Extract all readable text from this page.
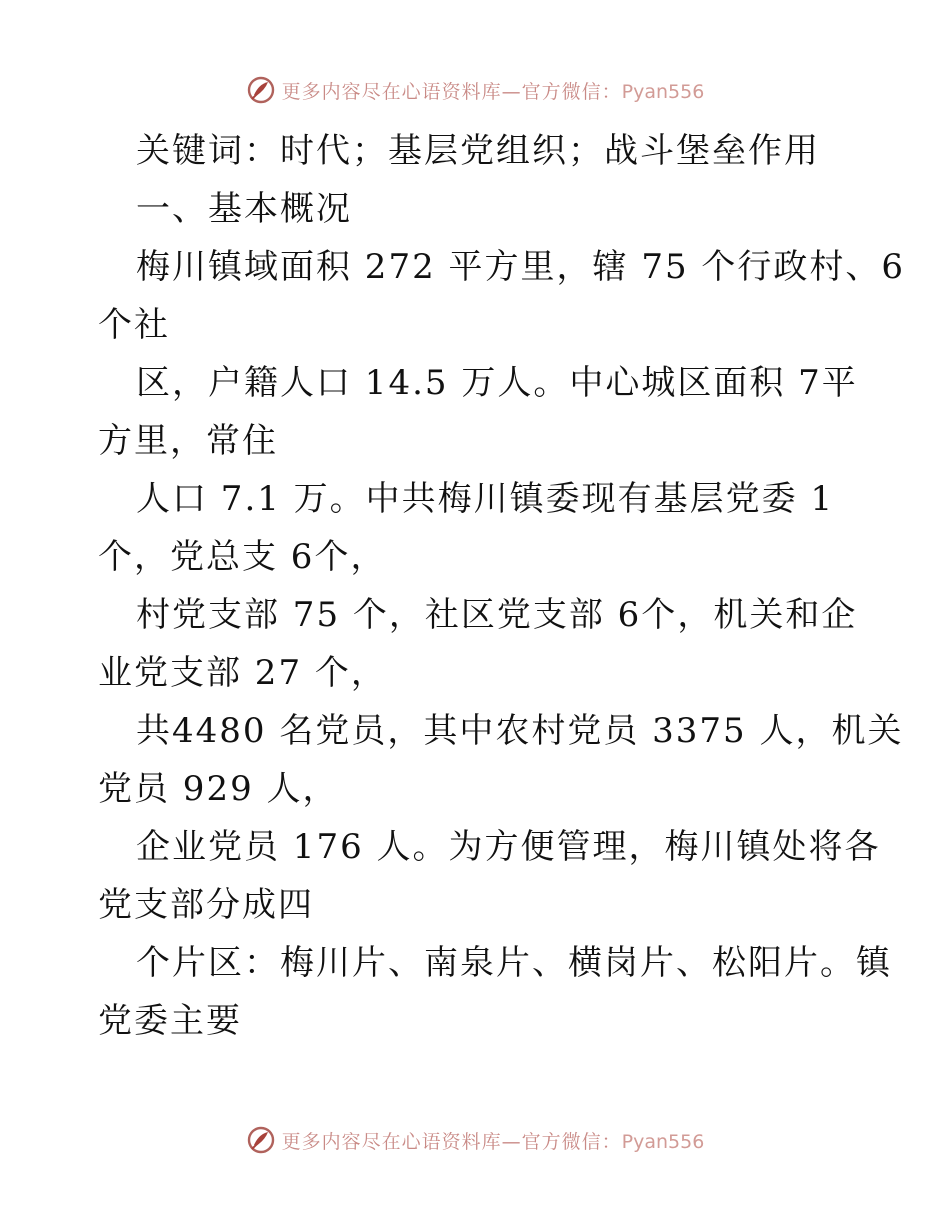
更多内容尽在心语资料库—官方微信：Pyan556
关键词：时代；基层党组织；战斗堡垒作用
一、基本概况
梅川镇域面积 272 平方里，辖 75 个行政村、6
个社
区，户籍人口 14.5 万人。中心城区面积 7平
方里，常住
人口 7.1 万。中共梅川镇委现有基层党委 1
个，党总支 6个，
村党支部 75 个，社区党支部 6个，机关和企
业党支部 27 个，
共4480 名党员，其中农村党员 3375 人，机关
党员 929 人，
企业党员 176 人。为方便管理，梅川镇处将各
党支部分成四
个片区：梅川片、南泉片、横岗片、松阳片。镇
党委主要
更多内容尽在心语资料库—官方微信：Pyan556
